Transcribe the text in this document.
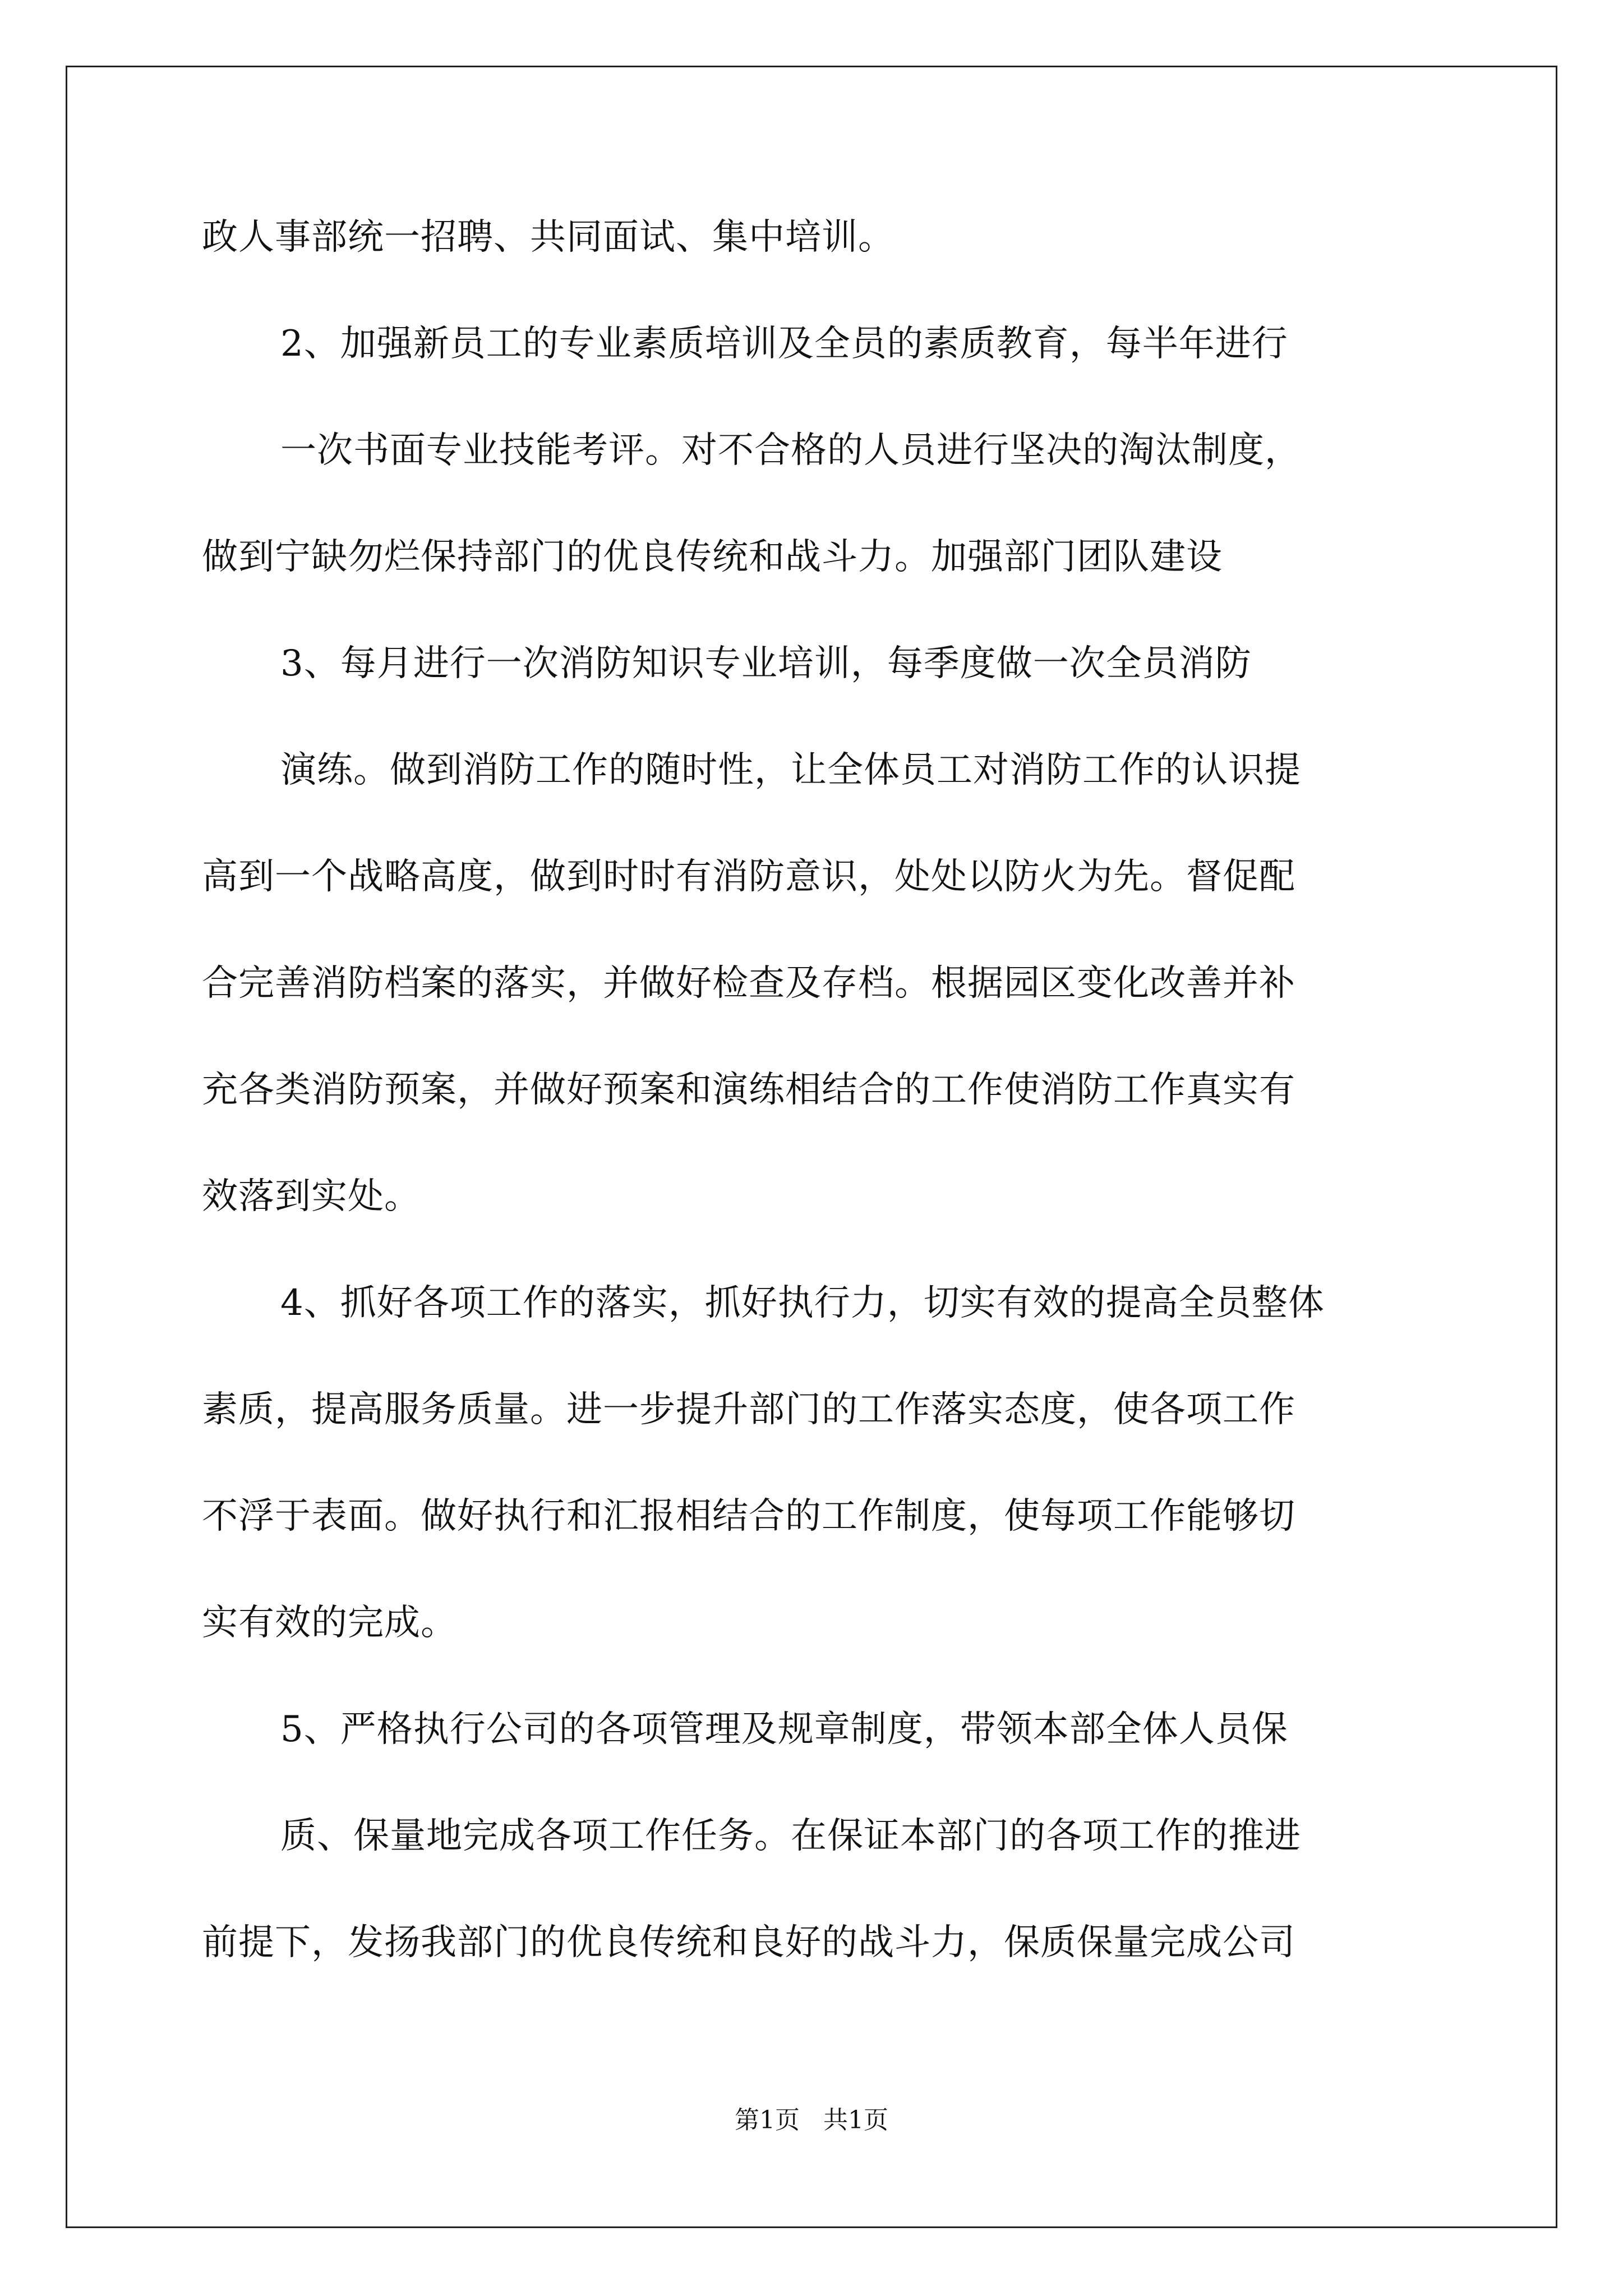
政人事部统一招聘、共同面试、集中培训。
2、加强新员工的专业素质培训及全员的素质教育，每半年进行
一次书面专业技能考评。对不合格的人员进行坚决的淘汰制度，
做到宁缺勿烂保持部门的优良传统和战斗力。加强部门团队建设
3、每月进行一次消防知识专业培训，每季度做一次全员消防
演练。做到消防工作的随时性，让全体员工对消防工作的认识提
高到一个战略高度，做到时时有消防意识，处处以防火为先。督促配
合完善消防档案的落实，并做好检查及存档。根据园区变化改善并补
充各类消防预案，并做好预案和演练相结合的工作使消防工作真实有
效落到实处。
4、抓好各项工作的落实，抓好执行力，切实有效的提高全员整体
素质，提高服务质量。进一步提升部门的工作落实态度，使各项工作
不浮于表面。做好执行和汇报相结合的工作制度，使每项工作能够切
实有效的完成。
5、严格执行公司的各项管理及规章制度，带领本部全体人员保
质、保量地完成各项工作任务。在保证本部门的各项工作的推进
前提下，发扬我部门的优良传统和良好的战斗力，保质保量完成公司
第1页   共1页
